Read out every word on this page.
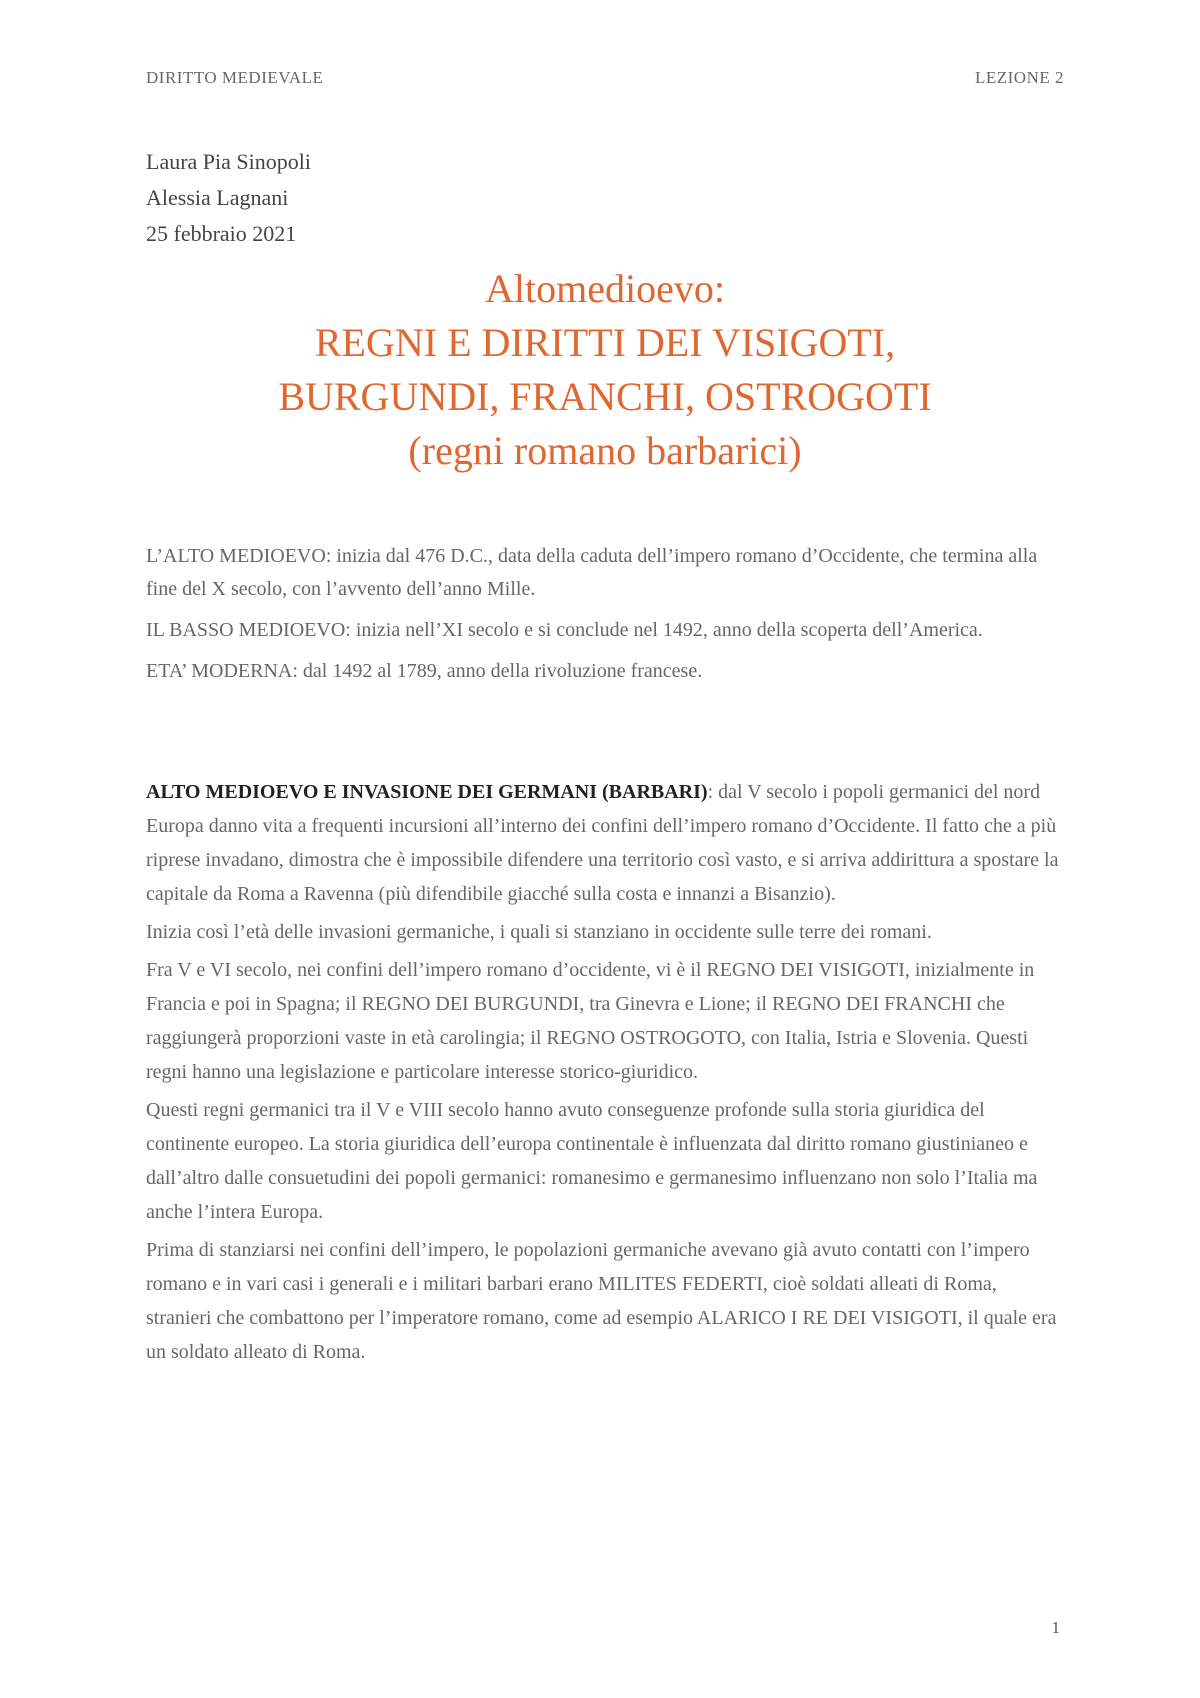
DIRITTO MEDIEVALE	LEZIONE 2
Laura Pia Sinopoli
Alessia Lagnani
25 febbraio 2021
Altomedioevo:
REGNI E DIRITTI DEI VISIGOTI,
BURGUNDI, FRANCHI, OSTROGOTI
(regni romano barbarici)

L’ALTO MEDIOEVO: inizia dal 476 D.C., data della caduta dell’impero romano d’Occidente, che termina alla fine del X secolo, con l’avvento dell’anno Mille.

IL BASSO MEDIOEVO: inizia nell’XI secolo e si conclude nel 1492, anno della scoperta dell’America.

ETA’ MODERNA: dal 1492 al 1789, anno della rivoluzione francese.

ALTO MEDIOEVO E INVASIONE DEI GERMANI (BARBARI): dal V secolo i popoli germanici del nord Europa danno vita a frequenti incursioni all’interno dei confini dell’impero romano d’Occidente. Il fatto che a più riprese invadano, dimostra che è impossibile difendere una territorio così vasto, e si arriva addirittura a spostare la capitale da Roma a Ravenna (più difendibile giacché sulla costa e innanzi a Bisanzio).

Inizia così l’età delle invasioni germaniche, i quali si stanziano in occidente sulle terre dei romani.

Fra V e VI secolo, nei confini dell’impero romano d’occidente, vi è il REGNO DEI VISIGOTI, inizialmente in Francia e poi in Spagna; il REGNO DEI BURGUNDI, tra Ginevra e Lione; il REGNO DEI FRANCHI che raggiungerà proporzioni vaste in età carolingia; il REGNO OSTROGOTO, con Italia, Istria e Slovenia. Questi regni hanno una legislazione e particolare interesse storico-giuridico.

Questi regni germanici tra il V e VIII secolo hanno avuto conseguenze profonde sulla storia giuridica del continente europeo. La storia giuridica dell’europa continentale è influenzata dal diritto romano giustinianeo e dall’altro dalle consuetudini dei popoli germanici: romanesimo e germanesimo influenzano non solo l’Italia ma anche l’intera Europa.

Prima di stanziarsi nei confini dell’impero, le popolazioni germaniche avevano già avuto contatti con l’impero romano e in vari casi i generali e i militari barbari erano MILITES FEDERTI, cioè soldati alleati di Roma, stranieri che combattono per l’imperatore romano, come ad esempio ALARICO I RE DEI VISIGOTI, il quale era un soldato alleato di Roma.

1
